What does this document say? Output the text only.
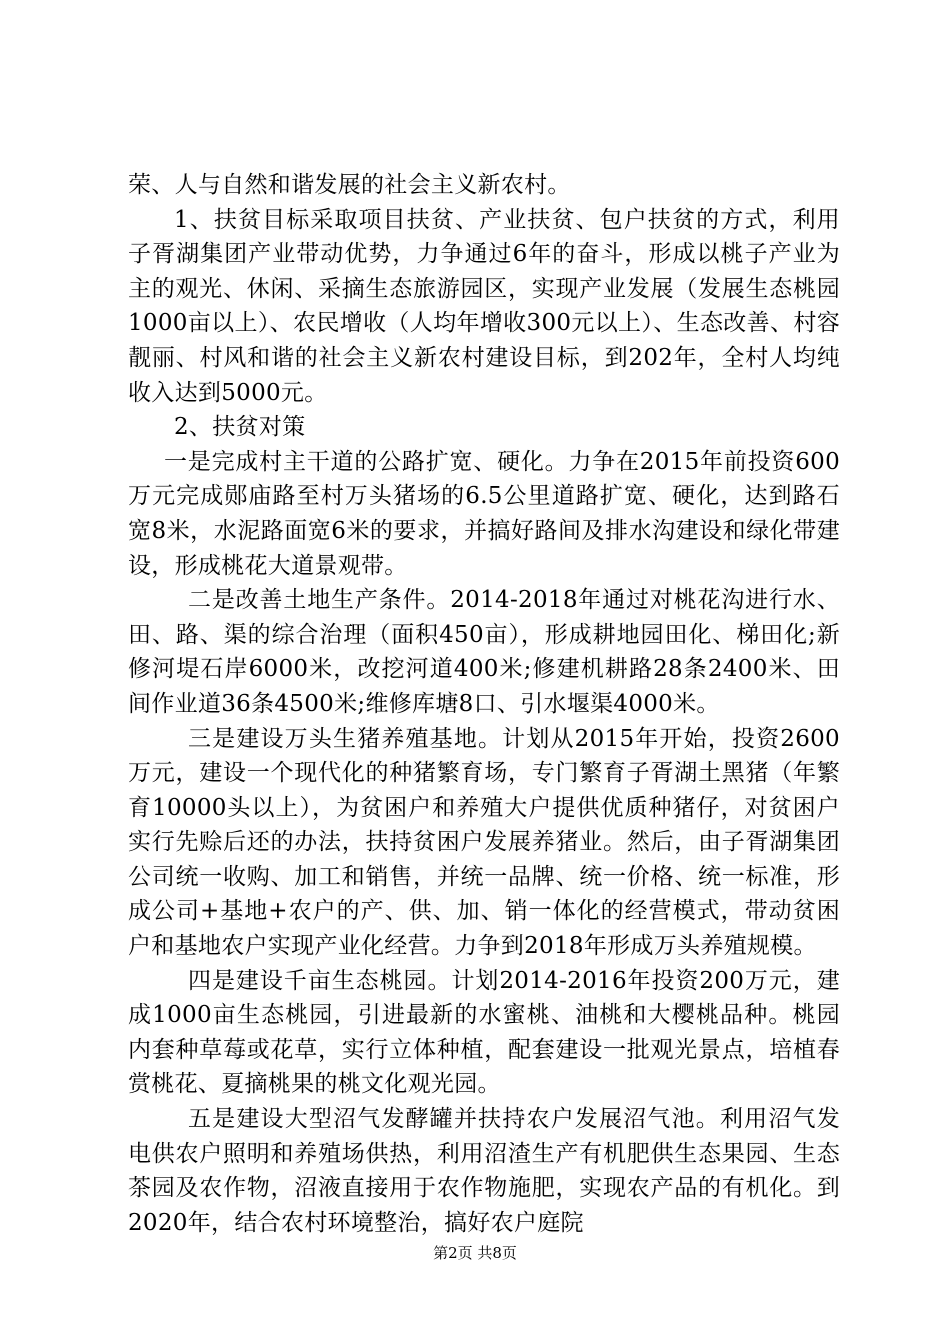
荣、人与自然和谐发展的社会主义新农村。

1、扶贫目标采取项目扶贫、产业扶贫、包户扶贫的方式，利用子胥湖集团产业带动优势，力争通过6年的奋斗，形成以桃子产业为主的观光、休闲、采摘生态旅游园区，实现产业发展（发展生态桃园1000亩以上）、农民增收（人均年增收300元以上）、生态改善、村容靓丽、村风和谐的社会主义新农村建设目标，到202年，全村人均纯收入达到5000元。

2、扶贫对策

一是完成村主干道的公路扩宽、硬化。力争在2015年前投资600万元完成郧庙路至村万头猪场的6.5公里道路扩宽、硬化，达到路石宽8米，水泥路面宽6米的要求，并搞好路间及排水沟建设和绿化带建设，形成桃花大道景观带。

二是改善土地生产条件。2014-2018年通过对桃花沟进行水、田、路、渠的综合治理（面积450亩），形成耕地园田化、梯田化;新修河堤石岸6000米，改挖河道400米;修建机耕路28条2400米、田间作业道36条4500米;维修库塘8口、引水堰渠4000米。

三是建设万头生猪养殖基地。计划从2015年开始，投资2600万元，建设一个现代化的种猪繁育场，专门繁育子胥湖土黑猪（年繁育10000头以上），为贫困户和养殖大户提供优质种猪仔，对贫困户实行先赊后还的办法，扶持贫困户发展养猪业。然后，由子胥湖集团公司统一收购、加工和销售，并统一品牌、统一价格、统一标准，形成公司+基地+农户的产、供、加、销一体化的经营模式，带动贫困户和基地农户实现产业化经营。力争到2018年形成万头养殖规模。

四是建设千亩生态桃园。计划2014-2016年投资200万元，建成1000亩生态桃园，引进最新的水蜜桃、油桃和大樱桃品种。桃园内套种草莓或花草，实行立体种植，配套建设一批观光景点，培植春赏桃花、夏摘桃果的桃文化观光园。

五是建设大型沼气发酵罐并扶持农户发展沼气池。利用沼气发电供农户照明和养殖场供热，利用沼渣生产有机肥供生态果园、生态茶园及农作物，沼液直接用于农作物施肥，实现农产品的有机化。到2020年，结合农村环境整治，搞好农户庭院

第2页 共8页
